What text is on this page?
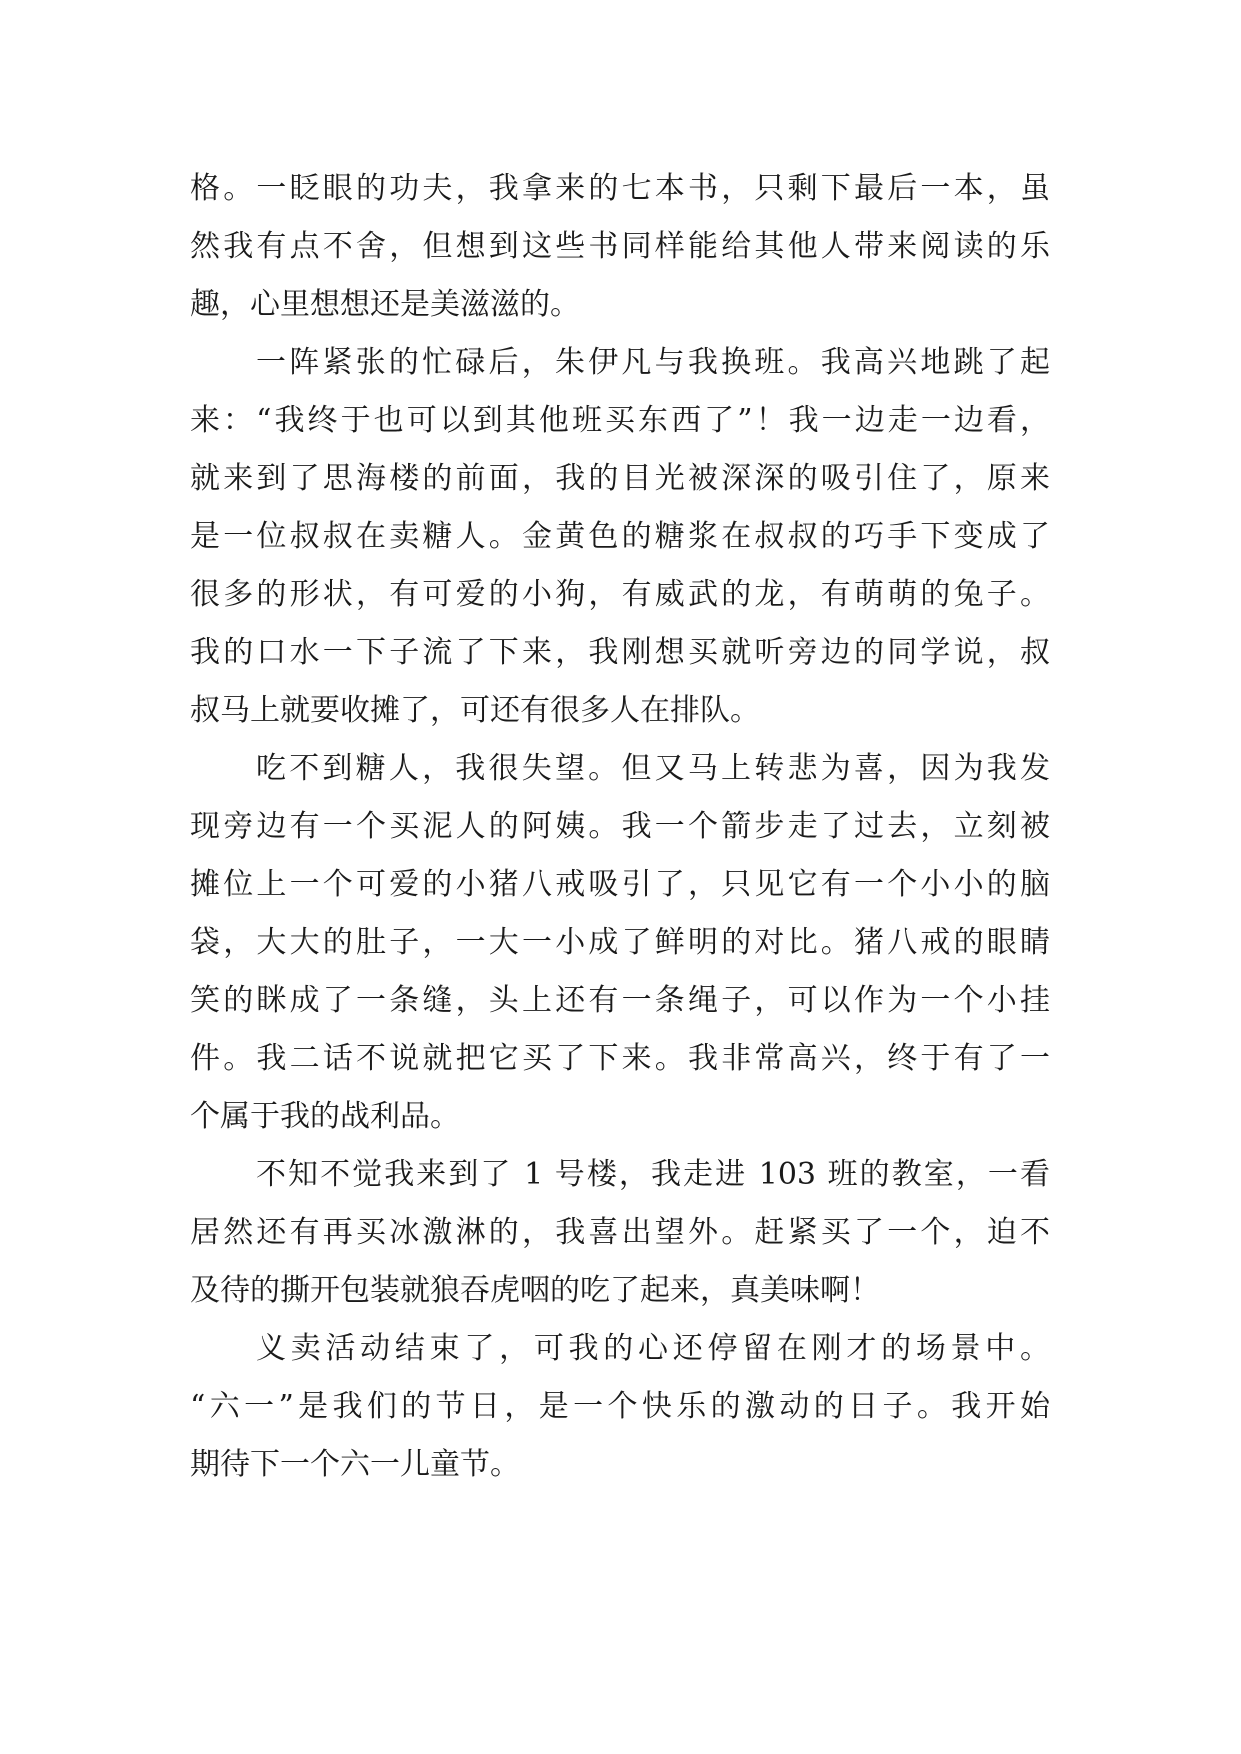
格。一眨眼的功夫，我拿来的七本书，只剩下最后一本，虽
然我有点不舍，但想到这些书同样能给其他人带来阅读的乐
趣，心里想想还是美滋滋的。
一阵紧张的忙碌后，朱伊凡与我换班。我高兴地跳了起
来：“我终于也可以到其他班买东西了”！我一边走一边看，
就来到了思海楼的前面，我的目光被深深的吸引住了，原来
是一位叔叔在卖糖人。金黄色的糖浆在叔叔的巧手下变成了
很多的形状，有可爱的小狗，有威武的龙，有萌萌的兔子。
我的口水一下子流了下来，我刚想买就听旁边的同学说，叔
叔马上就要收摊了，可还有很多人在排队。
吃不到糖人，我很失望。但又马上转悲为喜，因为我发
现旁边有一个买泥人的阿姨。我一个箭步走了过去，立刻被
摊位上一个可爱的小猪八戒吸引了，只见它有一个小小的脑
袋，大大的肚子，一大一小成了鲜明的对比。猪八戒的眼睛
笑的眯成了一条缝，头上还有一条绳子，可以作为一个小挂
件。我二话不说就把它买了下来。我非常高兴，终于有了一
个属于我的战利品。
不知不觉我来到了 1 号楼，我走进 103 班的教室，一看
居然还有再买冰激淋的，我喜出望外。赶紧买了一个，迫不
及待的撕开包装就狼吞虎咽的吃了起来，真美味啊！
义卖活动结束了，可我的心还停留在刚才的场景中。
“六一”是我们的节日，是一个快乐的激动的日子。我开始
期待下一个六一儿童节。
